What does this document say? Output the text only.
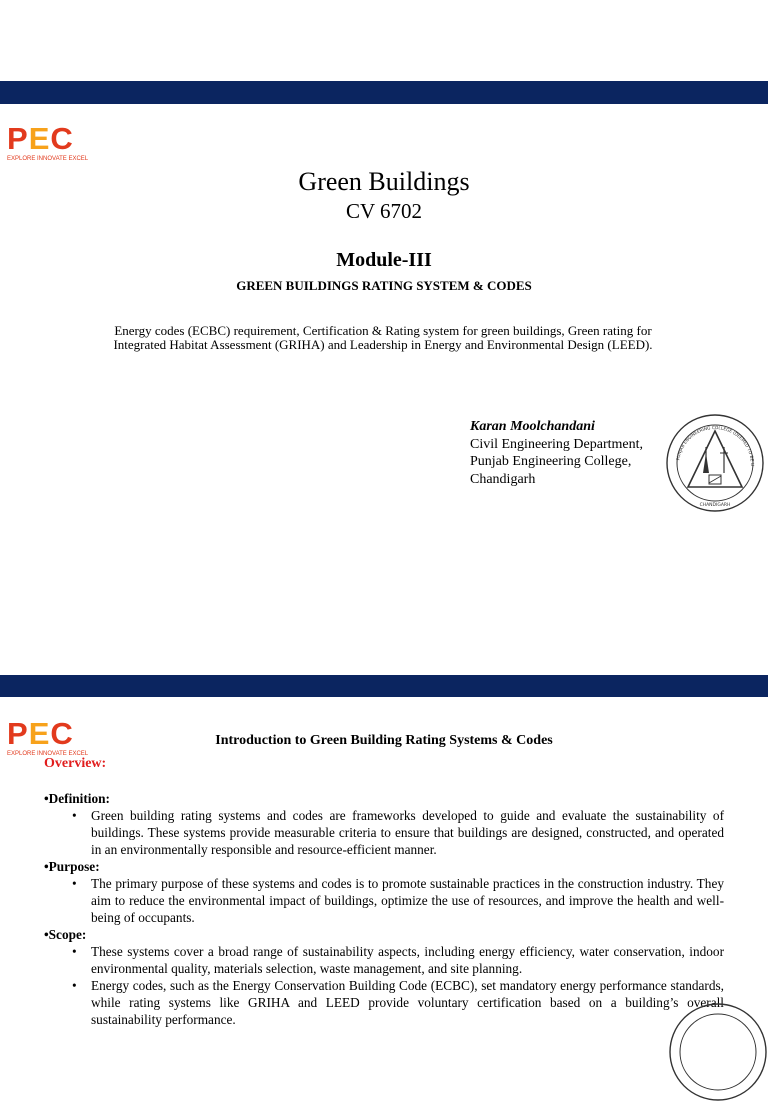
PEC
EXPLORE INNOVATE EXCEL
Green Buildings
CV 6702
Module-III
GREEN BUILDINGS RATING SYSTEM & CODES
Energy codes (ECBC) requirement, Certification & Rating system for green buildings, Green rating for Integrated Habitat Assessment (GRIHA) and Leadership in Energy and Environmental Design (LEED).
Karan Moolchandani
Civil Engineering Department,
Punjab Engineering College,
Chandigarh
PUNJAB ENGINEERING COLLEGE (DEEMED TO BE U
CHANDIGARH
PEC
EXPLORE INNOVATE EXCEL
Introduction to Green Building Rating Systems & Codes
Overview:
•Definition:
• Green building rating systems and codes are frameworks developed to guide and evaluate the sustainability of buildings. These systems provide measurable criteria to ensure that buildings are designed, constructed, and operated in an environmentally responsible and resource-efficient manner.
•Purpose:
• The primary purpose of these systems and codes is to promote sustainable practices in the construction industry. They aim to reduce the environmental impact of buildings, optimize the use of resources, and improve the health and well-being of occupants.
•Scope:
• These systems cover a broad range of sustainability aspects, including energy efficiency, water conservation, indoor environmental quality, materials selection, waste management, and site planning.
• Energy codes, such as the Energy Conservation Building Code (ECBC), set mandatory energy performance standards, while rating systems like GRIHA and LEED provide voluntary certification based on a building’s overall sustainability performance.
